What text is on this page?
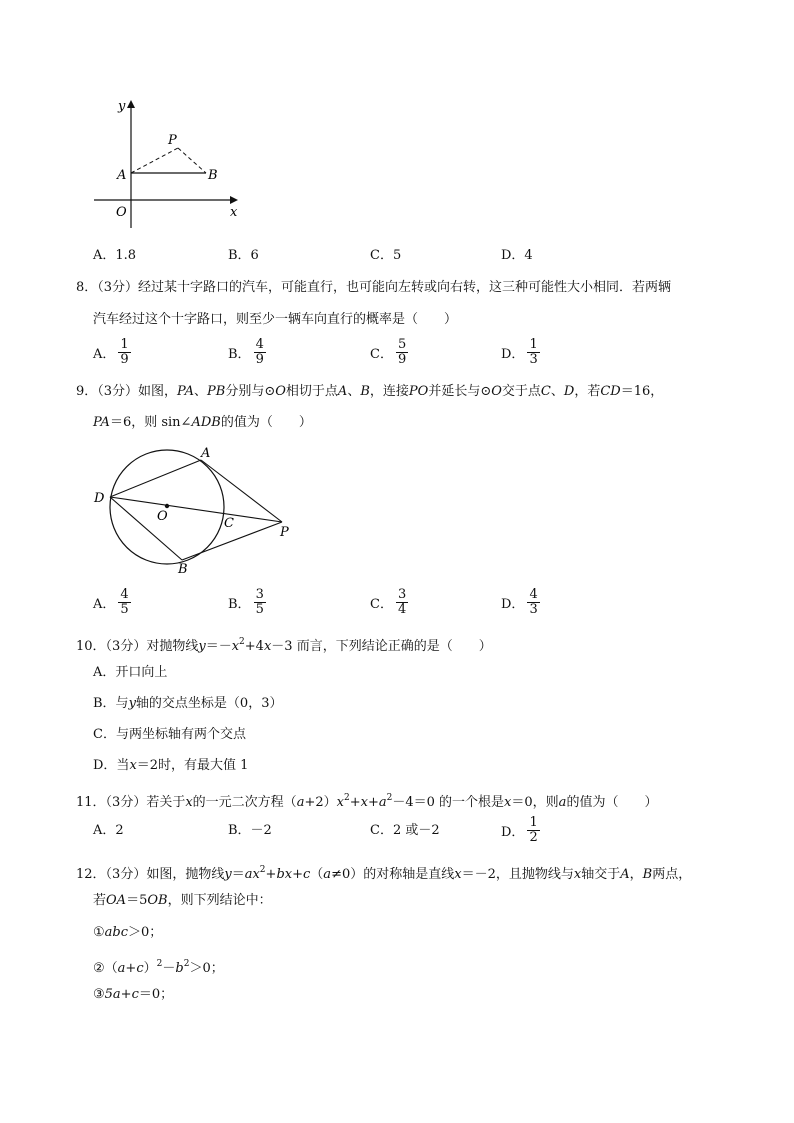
y
x
O
A	B
P
A．1.8	B．6	C．5	D．4
8．（3分）经过某十字路口的汽车，可能直行，也可能向左转或向右转，这三种可能性大小相同．若两辆
汽车经过这个十字路口，则至少一辆车向直行的概率是（　　）
A． $\frac{1}{9}$	B． $\frac{4}{9}$	C． $\frac{5}{9}$	D． $\frac{1}{3}$
9．（3分）如图，PA、PB分别与⊙O相切于点A、B，连接PO并延长与⊙O交于点C、D，若CD＝16，
PA＝6，则 sin∠ADB的值为（　　）
A
D
O	C
P
B
A． $\frac{4}{5}$	B． $\frac{3}{5}$	C． $\frac{3}{4}$	D． $\frac{4}{3}$
10．（3分）对抛物线$y=-x^2+4x-3$ 而言，下列结论正确的是（　　）
A．开口向上
B．与y轴的交点坐标是（0，3）
C．与两坐标轴有两个交点
D．当x＝2时，有最大值 1
11．（3分）若关于x的一元二次方程$(a+2)x^2+x+a^2-4=0$ 的一个根是x＝0，则a的值为（　　）
A．2	B．－2	C．2 或－2	D． $\frac{1}{2}$
12．（3分）如图，抛物线$y=ax^2+bx+c(a\ne 0)$的对称轴是直线x＝－2，且抛物线与x轴交于A，B两点，
若OA＝5OB，则下列结论中：
①abc＞0；
$②(a+c)^2-b^2>0$；
③5a+c＝0；
